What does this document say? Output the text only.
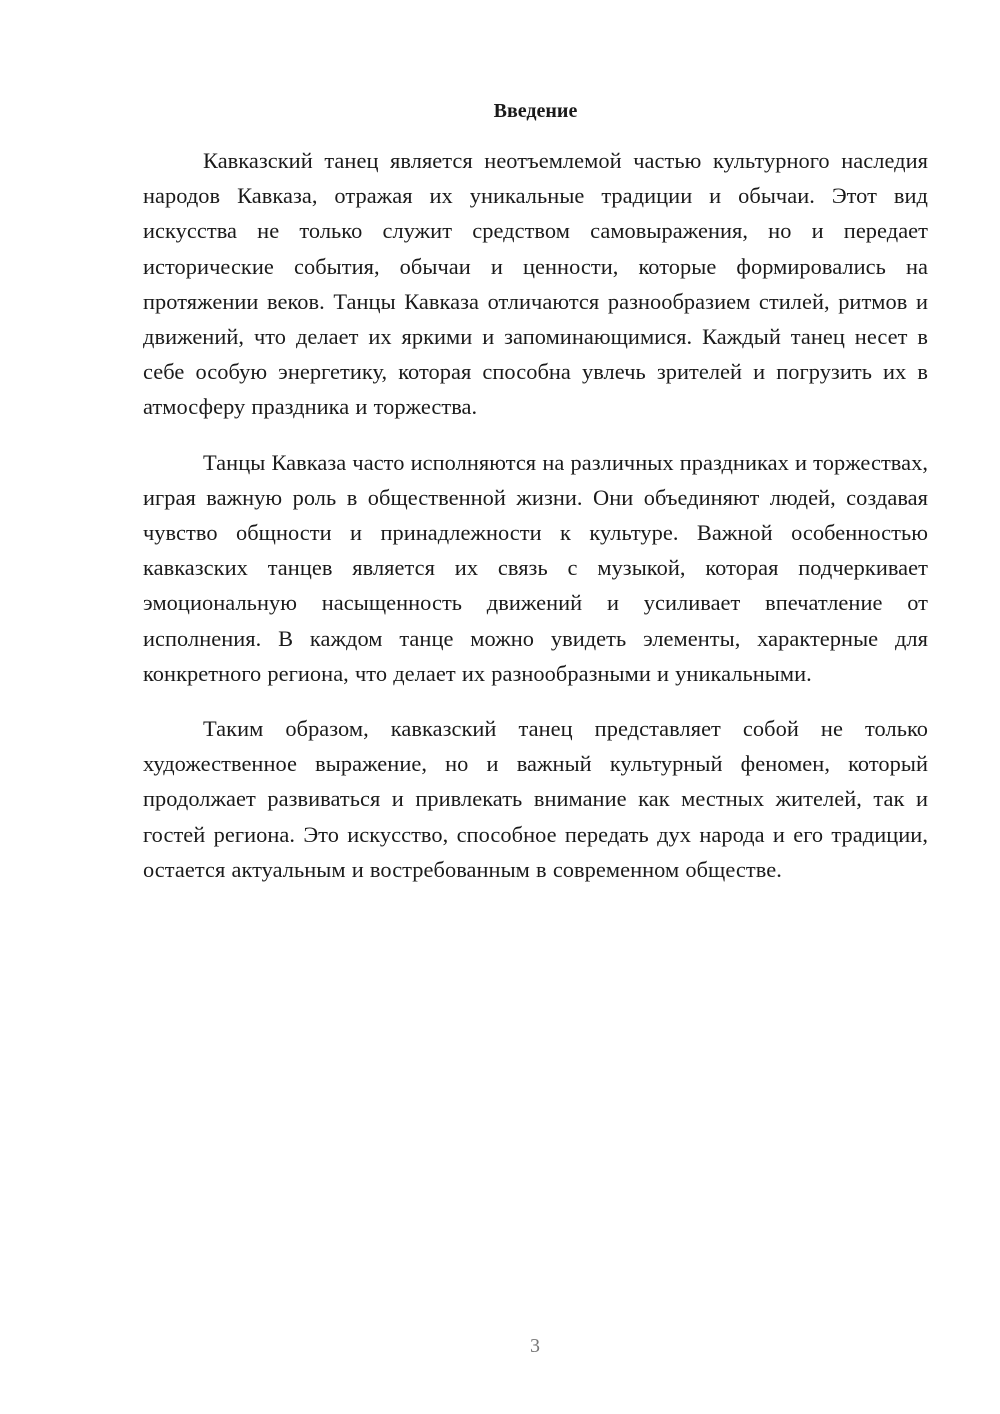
Введение

Кавказский танец является неотъемлемой частью культурного наследия народов Кавказа, отражая их уникальные традиции и обычаи. Этот вид искусства не только служит средством самовыражения, но и передает исторические события, обычаи и ценности, которые формировались на протяжении веков. Танцы Кавказа отличаются разнообразием стилей, ритмов и движений, что делает их яркими и запоминающимися. Каждый танец несет в себе особую энергетику, которая способна увлечь зрителей и погрузить их в атмосферу праздника и торжества.

Танцы Кавказа часто исполняются на различных праздниках и торжествах, играя важную роль в общественной жизни. Они объединяют людей, создавая чувство общности и принадлежности к культуре. Важной особенностью кавказских танцев является их связь с музыкой, которая подчеркивает эмоциональную насыщенность движений и усиливает впечатление от исполнения. В каждом танце можно увидеть элементы, характерные для конкретного региона, что делает их разнообразными и уникальными.

Таким образом, кавказский танец представляет собой не только художественное выражение, но и важный культурный феномен, который продолжает развиваться и привлекать внимание как местных жителей, так и гостей региона. Это искусство, способное передать дух народа и его традиции, остается актуальным и востребованным в современном обществе.

3
